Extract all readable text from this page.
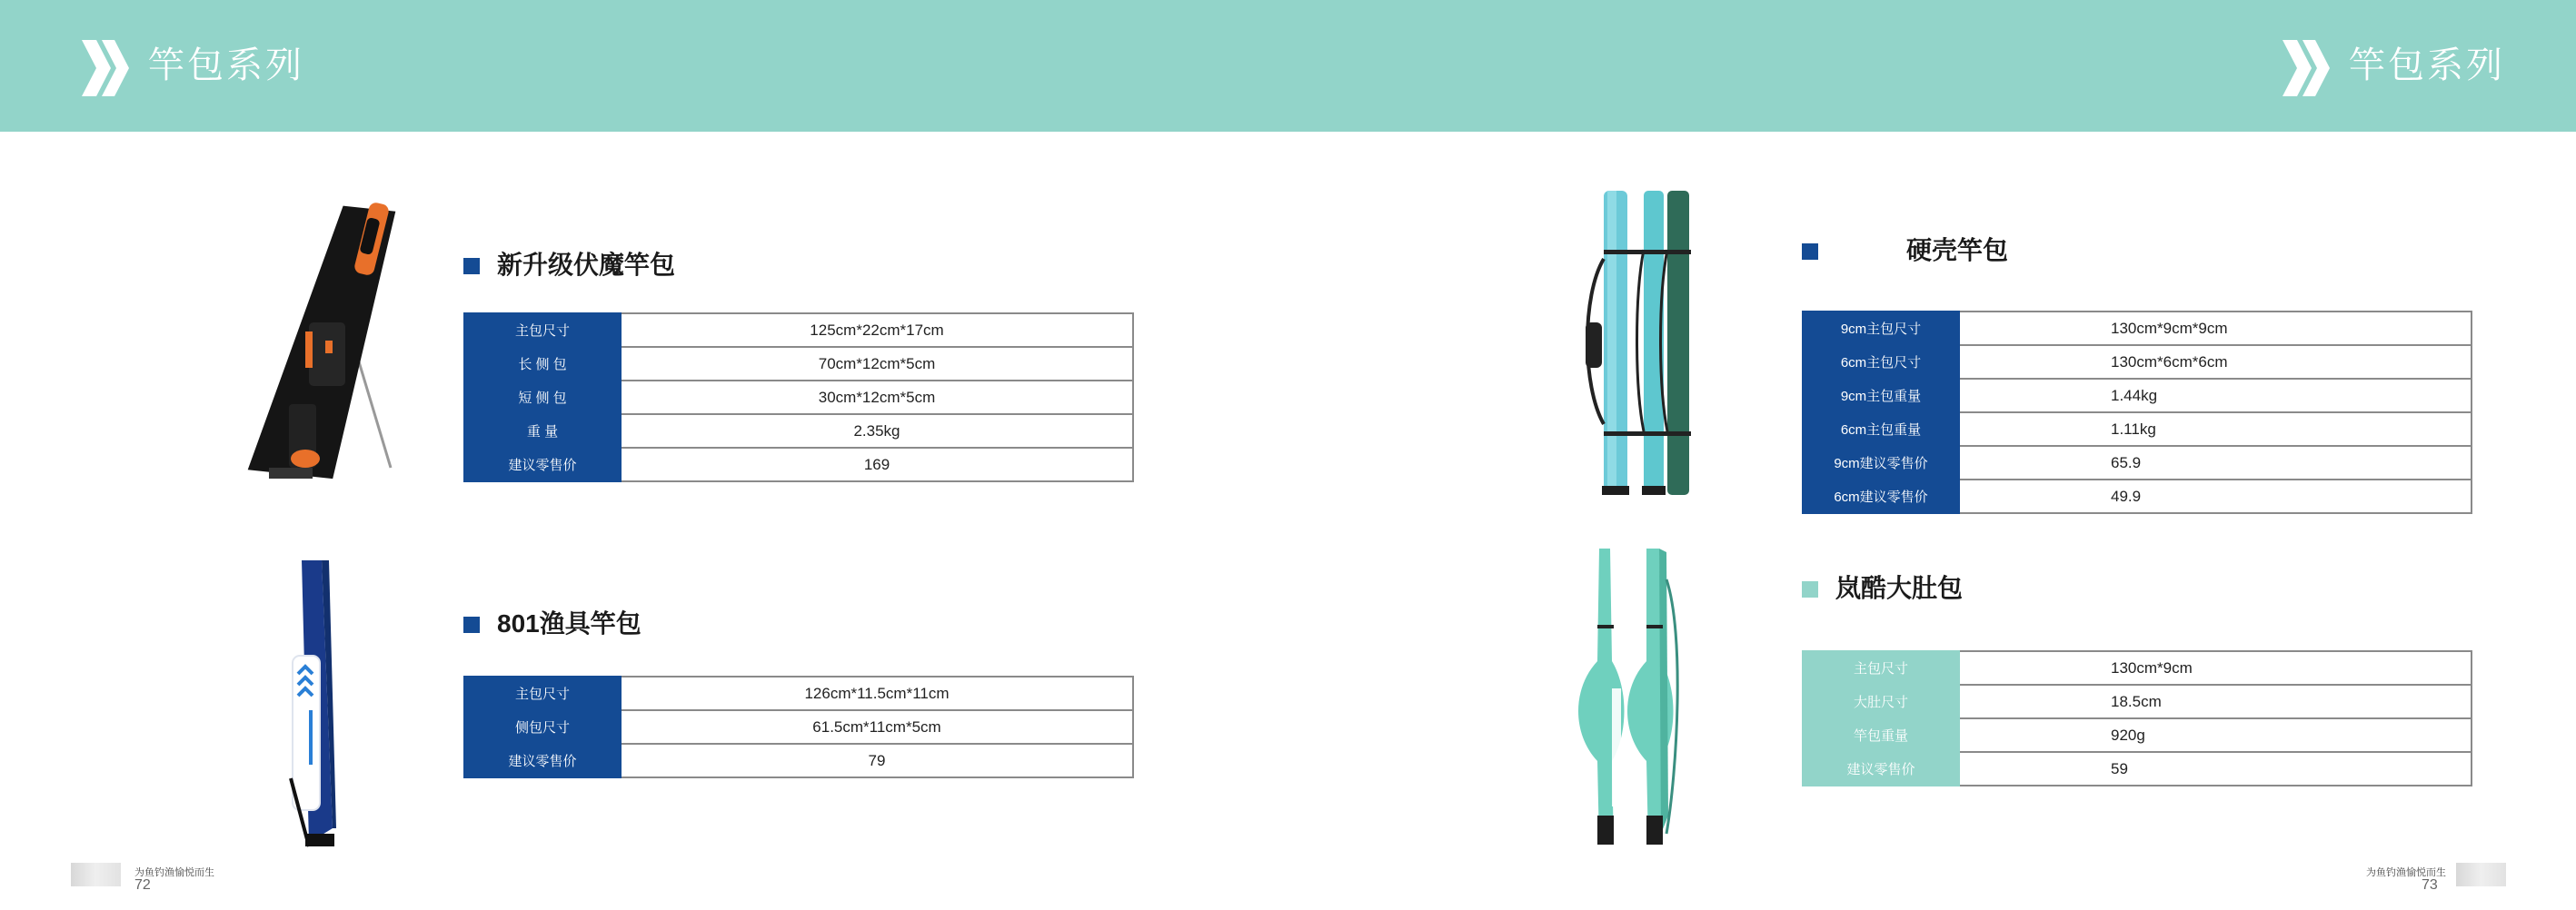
竿包系列	竿包系列
新升级伏魔竿包
主包尺寸	125cm*22cm*17cm
长 侧 包	70cm*12cm*5cm
短 侧 包	30cm*12cm*5cm
重 量	2.35kg
建议零售价	169
801渔具竿包
主包尺寸	126cm*11.5cm*11cm
侧包尺寸	61.5cm*11cm*5cm
建议零售价	79
硬壳竿包
9cm主包尺寸	130cm*9cm*9cm
6cm主包尺寸	130cm*6cm*6cm
9cm主包重量	1.44kg
6cm主包重量	1.11kg
9cm建议零售价	65.9
6cm建议零售价	49.9
岚酷大肚包
主包尺寸	130cm*9cm
大肚尺寸	18.5cm
竿包重量	920g
建议零售价	59
为鱼钓渔愉悦而生
72
为鱼钓渔愉悦而生
73
